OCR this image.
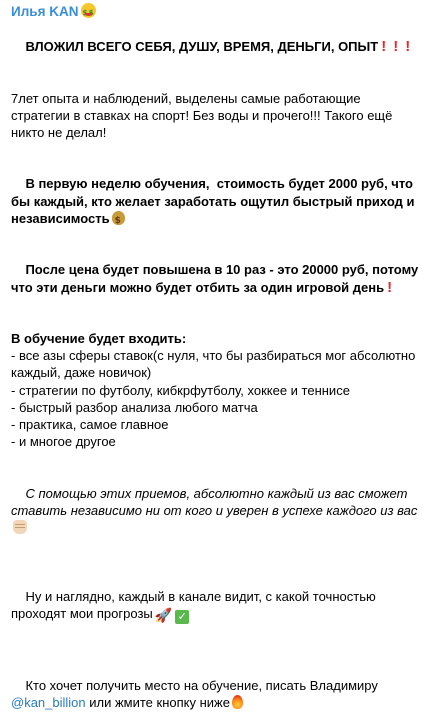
Илья KAN$ $

ВЛОЖИЛ ВСЕГО СЕБЯ, ДУШУ, ВРЕМЯ, ДЕНЬГИ, ОПЫТ ! ! !

7лет опыта и наблюдений, выделены самые работающие стратегии в ставках на спорт! Без воды и прочего!!! Такого ещё никто не делал!

В первую неделю обучения,  стоимость будет 2000 руб, что бы каждый, кто желает заработать ощутил быстрый приход и независимость$

После цена будет повышена в 10 раз - это 20000 руб, потому что эти деньги можно будет отбить за один игровой день !

В обучение будет входить:
- все азы сферы ставок(с нуля, что бы разбираться мог абсолютно каждый, даже новичок)
- стратегии по футболу, кибкрфутболу, хоккее и теннисе
- быстрый разбор анализа любого матча
- практика, самое главное
- и многое другое

С помощью этих приемов, абсолютно каждый из вас сможет ставить независимо ни от кого и уверен в успехе каждого из вас

Ну и наглядно, каждый в канале видит, с какой точностью проходят мои прогрозы 🚀 ✓

Кто хочет получить место на обучение, писать Владимиру @kan_billion или жмите кнопку ниже
